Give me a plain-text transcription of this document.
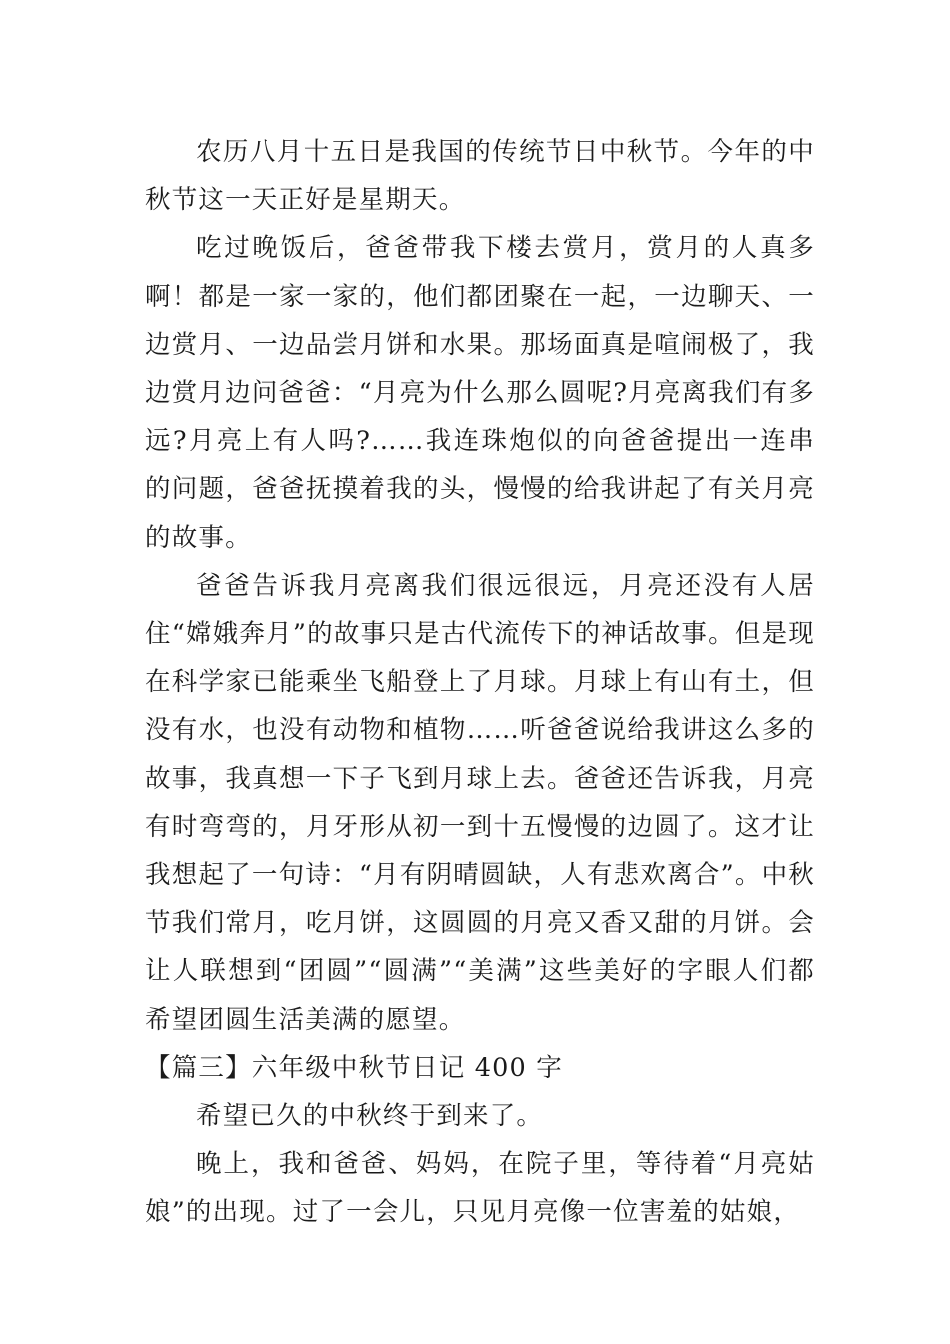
农历八月十五日是我国的传统节日中秋节。今年的中秋节这一天正好是星期天。

吃过晚饭后，爸爸带我下楼去赏月，赏月的人真多啊！都是一家一家的，他们都团聚在一起，一边聊天、一边赏月、一边品尝月饼和水果。那场面真是喧闹极了，我边赏月边问爸爸：“月亮为什么那么圆呢?月亮离我们有多远?月亮上有人吗?……我连珠炮似的向爸爸提出一连串的问题，爸爸抚摸着我的头，慢慢的给我讲起了有关月亮的故事。

爸爸告诉我月亮离我们很远很远，月亮还没有人居住“嫦娥奔月”的故事只是古代流传下的神话故事。但是现在科学家已能乘坐飞船登上了月球。月球上有山有土，但没有水，也没有动物和植物……听爸爸说给我讲这么多的故事，我真想一下子飞到月球上去。爸爸还告诉我，月亮有时弯弯的，月牙形从初一到十五慢慢的边圆了。这才让我想起了一句诗：“月有阴晴圆缺，人有悲欢离合”。中秋节我们常月，吃月饼，这圆圆的月亮又香又甜的月饼。会让人联想到“团圆”“圆满”“美满”这些美好的字眼人们都希望团圆生活美满的愿望。

【篇三】六年级中秋节日记 400 字

希望已久的中秋终于到来了。

晚上，我和爸爸、妈妈，在院子里，等待着“月亮姑娘”的出现。过了一会儿，只见月亮像一位害羞的姑娘，
